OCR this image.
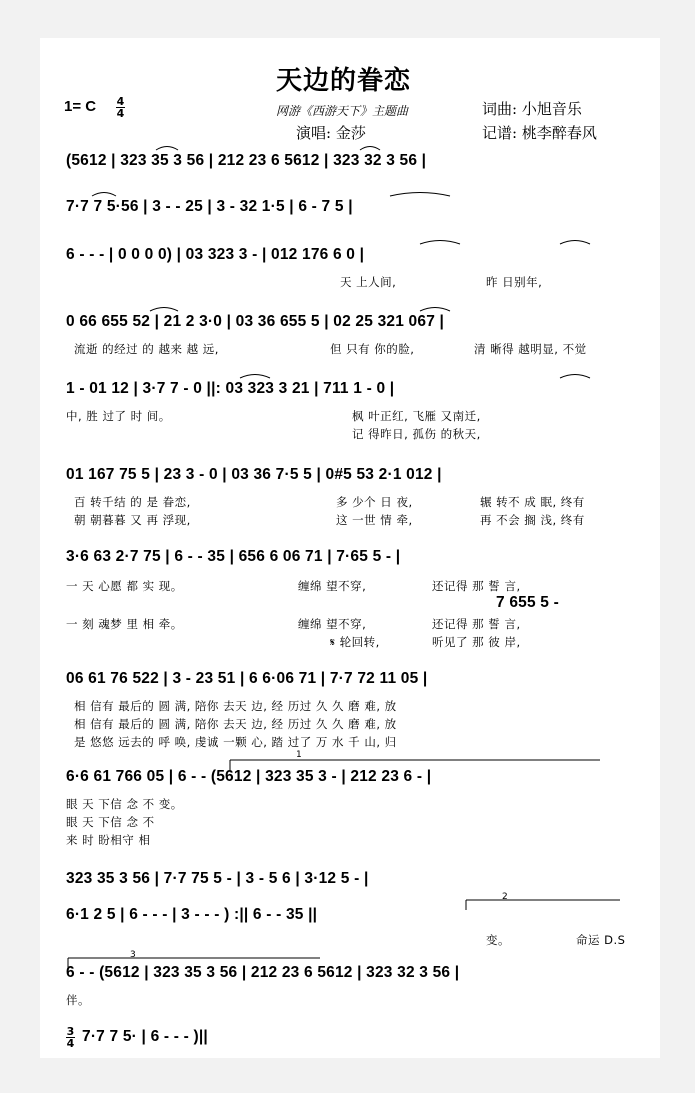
天边的眷恋
1= C $\frac{4}{4}$	网游《西游天下》主题曲	词曲: 小旭音乐
演唱: 金莎	记谱: 桃李醉春风
(5612 | 323 35 3 56 | 212 23 6 5612 | 323 32 3 56 |
7·7 7 5·56 | 3 - - 25 | 3 - 32 1·5 | 6 - 7 5 |
6 - - - | 0 0 0 0) | 03 323 3 - | 012 176 6 0 |
天 上人间,	昨 日别年,
0 66 655 52 | 21 2 3·0 | 03 36 655 5 | 02 25 321 067 |
流逝 的经过 的 越来 越 远,	但 只有 你的脸,	清 晰得 越明显, 不觉
1 - 01 12 | 3·7 7 - 0 ||: 03 323 3 21 | 711 1 - 0 |
中, 胜 过了 时 间。	枫 叶正红, 飞雁 又南迁,
记 得昨日, 孤伤 的秋天,
01 167 75 5 | 23 3 - 0 | 03 36 7·5 5 | 0#5 53 2·1 012 |
百 转千结 的 是 眷恋,	多 少个 日 夜,	辗 转不 成 眠, 终有
朝 朝暮暮 又 再 浮现,	这 一世 情 牵,	再 不会 搁 浅, 终有
3·6 63 2·7 75 | 6 - - 35 | 656 6 06 71 | 7·65 5 - |
一 天 心愿 都 实 现。	缠绵 望不穿,	还记得 那 誓 言,
7 655 5 -
一 刻 魂梦 里 相 牵。	缠绵 望不穿,	还记得 那 誓 言,
𝄋 轮回转,	听见了 那 彼 岸,
06 61 76 522 | 3 - 23 51 | 6 6·06 71 | 7·7 72 11 05 |
相 信有 最后的 圆 满, 陪你 去天 边, 经 历过 久 久 磨 难, 放
相 信有 最后的 圆 满, 陪你 去天 边, 经 历过 久 久 磨 难, 放
是 悠悠 远去的 呼 唤, 虔诚 一颗 心, 踏 过了 万 水 千 山, 归
1
6·6 61 766 05 | 6 - - (5612 | 323 35 3 - | 212 23 6 - |
眼 天 下信 念 不 变。
眼 天 下信 念 不
来 时 盼相守 相
323 35 3 56 | 7·7 75 5 - | 3 - 5 6 | 3·12 5 - |
2
6·1 2 5 | 6 - - - | 3 - - - ) :|| 6 - - 35 ||
变。	命运 D.S
3
6 - - (5612 | 323 35 3 56 | 212 23 6 5612 | 323 32 3 56 |
伴。
$\frac{3}{4} 7\cdot 7$ 7 5· | 6 - - - )||
